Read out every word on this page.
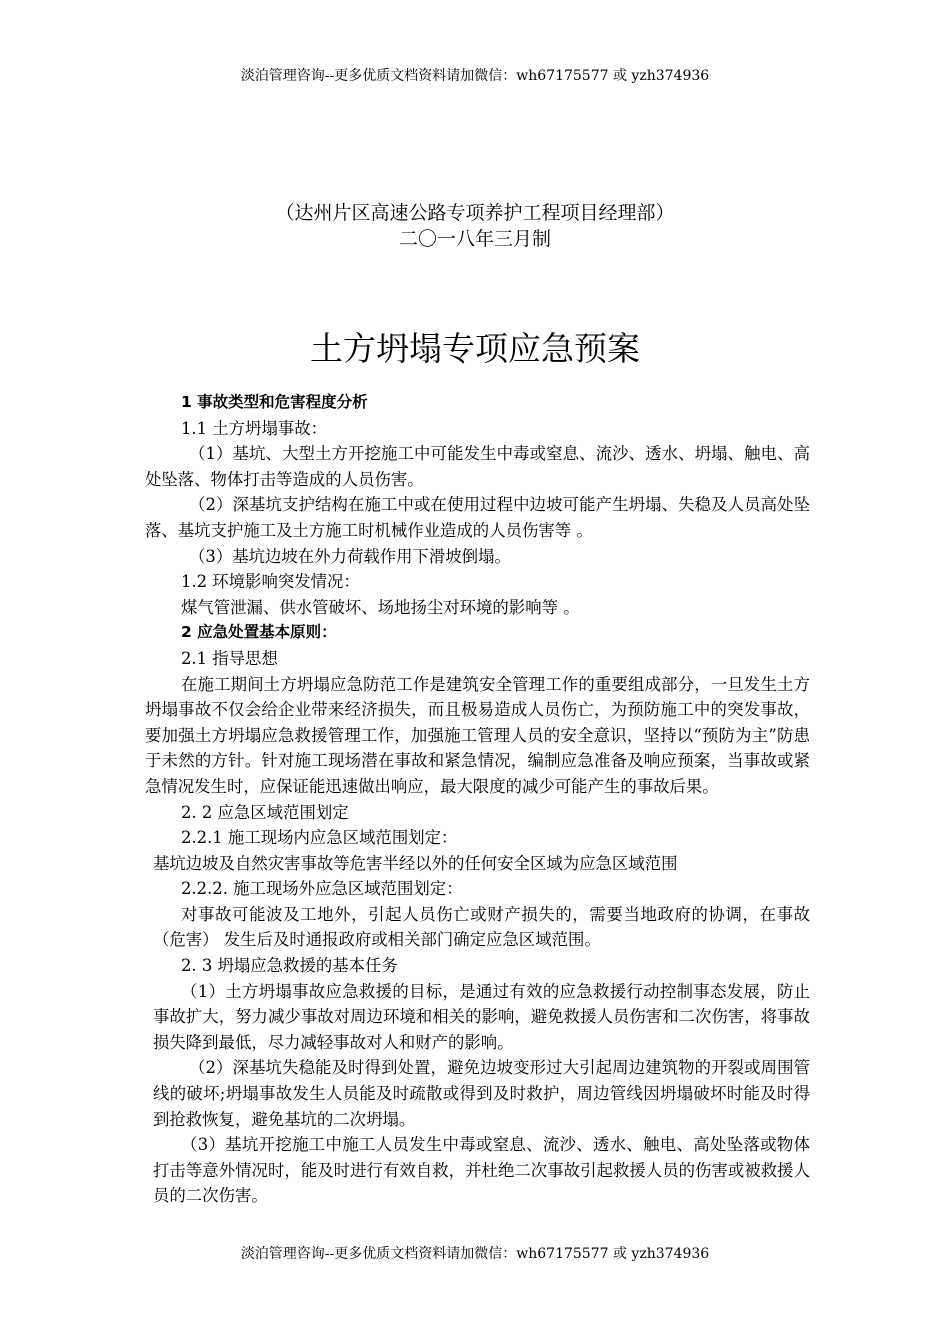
淡泊管理咨询--更多优质文档资料请加微信：wh67175577 或 yzh374936
（达州片区高速公路专项养护工程项目经理部）
二〇一八年三月制
土方坍塌专项应急预案

1 事故类型和危害程度分析

1.1 土方坍塌事故：

（1）基坑、大型土方开挖施工中可能发生中毒或窒息、流沙、透水、坍塌、触电、高处坠落、物体打击等造成的人员伤害。

（2）深基坑支护结构在施工中或在使用过程中边坡可能产生坍塌、失稳及人员高处坠落、基坑支护施工及土方施工时机械作业造成的人员伤害等 。

（3）基坑边坡在外力荷载作用下滑坡倒塌。

1.2 环境影响突发情况：

煤气管泄漏、供水管破坏、场地扬尘对环境的影响等 。

2 应急处置基本原则：

2.1 指导思想

在施工期间土方坍塌应急防范工作是建筑安全管理工作的重要组成部分，一旦发生土方坍塌事故不仅会给企业带来经济损失，而且极易造成人员伤亡，为预防施工中的突发事故，要加强土方坍塌应急救援管理工作，加强施工管理人员的安全意识，坚持以“预防为主”防患于未然的方针。针对施工现场潜在事故和紧急情况，编制应急准备及响应预案，当事故或紧急情况发生时，应保证能迅速做出响应，最大限度的减少可能产生的事故后果。

2. 2 应急区域范围划定

2.2.1 施工现场内应急区域范围划定：

基坑边坡及自然灾害事故等危害半经以外的任何安全区域为应急区域范围

2.2.2. 施工现场外应急区域范围划定：

对事故可能波及工地外，引起人员伤亡或财产损失的，需要当地政府的协调，在事故（危害） 发生后及时通报政府或相关部门确定应急区域范围。

2. 3 坍塌应急救援的基本任务

（1）土方坍塌事故应急救援的目标，是通过有效的应急救援行动控制事态发展，防止事故扩大，努力减少事故对周边环境和相关的影响，避免救援人员伤害和二次伤害，将事故损失降到最低，尽力减轻事故对人和财产的影响。

（2）深基坑失稳能及时得到处置，避免边坡变形过大引起周边建筑物的开裂或周围管线的破坏;坍塌事故发生人员能及时疏散或得到及时救护，周边管线因坍塌破坏时能及时得到抢救恢复，避免基坑的二次坍塌。

（3）基坑开挖施工中施工人员发生中毒或窒息、流沙、透水、触电、高处坠落或物体打击等意外情况时，能及时进行有效自救，并杜绝二次事故引起救援人员的伤害或被救援人员的二次伤害。

淡泊管理咨询--更多优质文档资料请加微信：wh67175577 或 yzh374936
